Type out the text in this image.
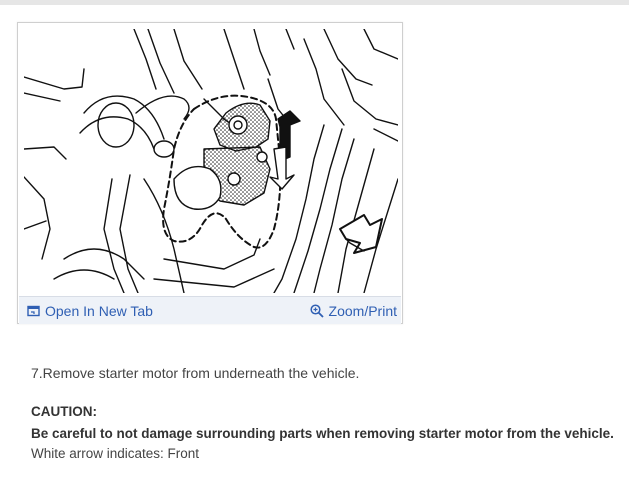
Open In New Tab	Zoom/Print
7.Remove starter motor from underneath the vehicle.
CAUTION:
Be careful to not damage surrounding parts when removing starter motor from the vehicle.
White arrow indicates: Front
